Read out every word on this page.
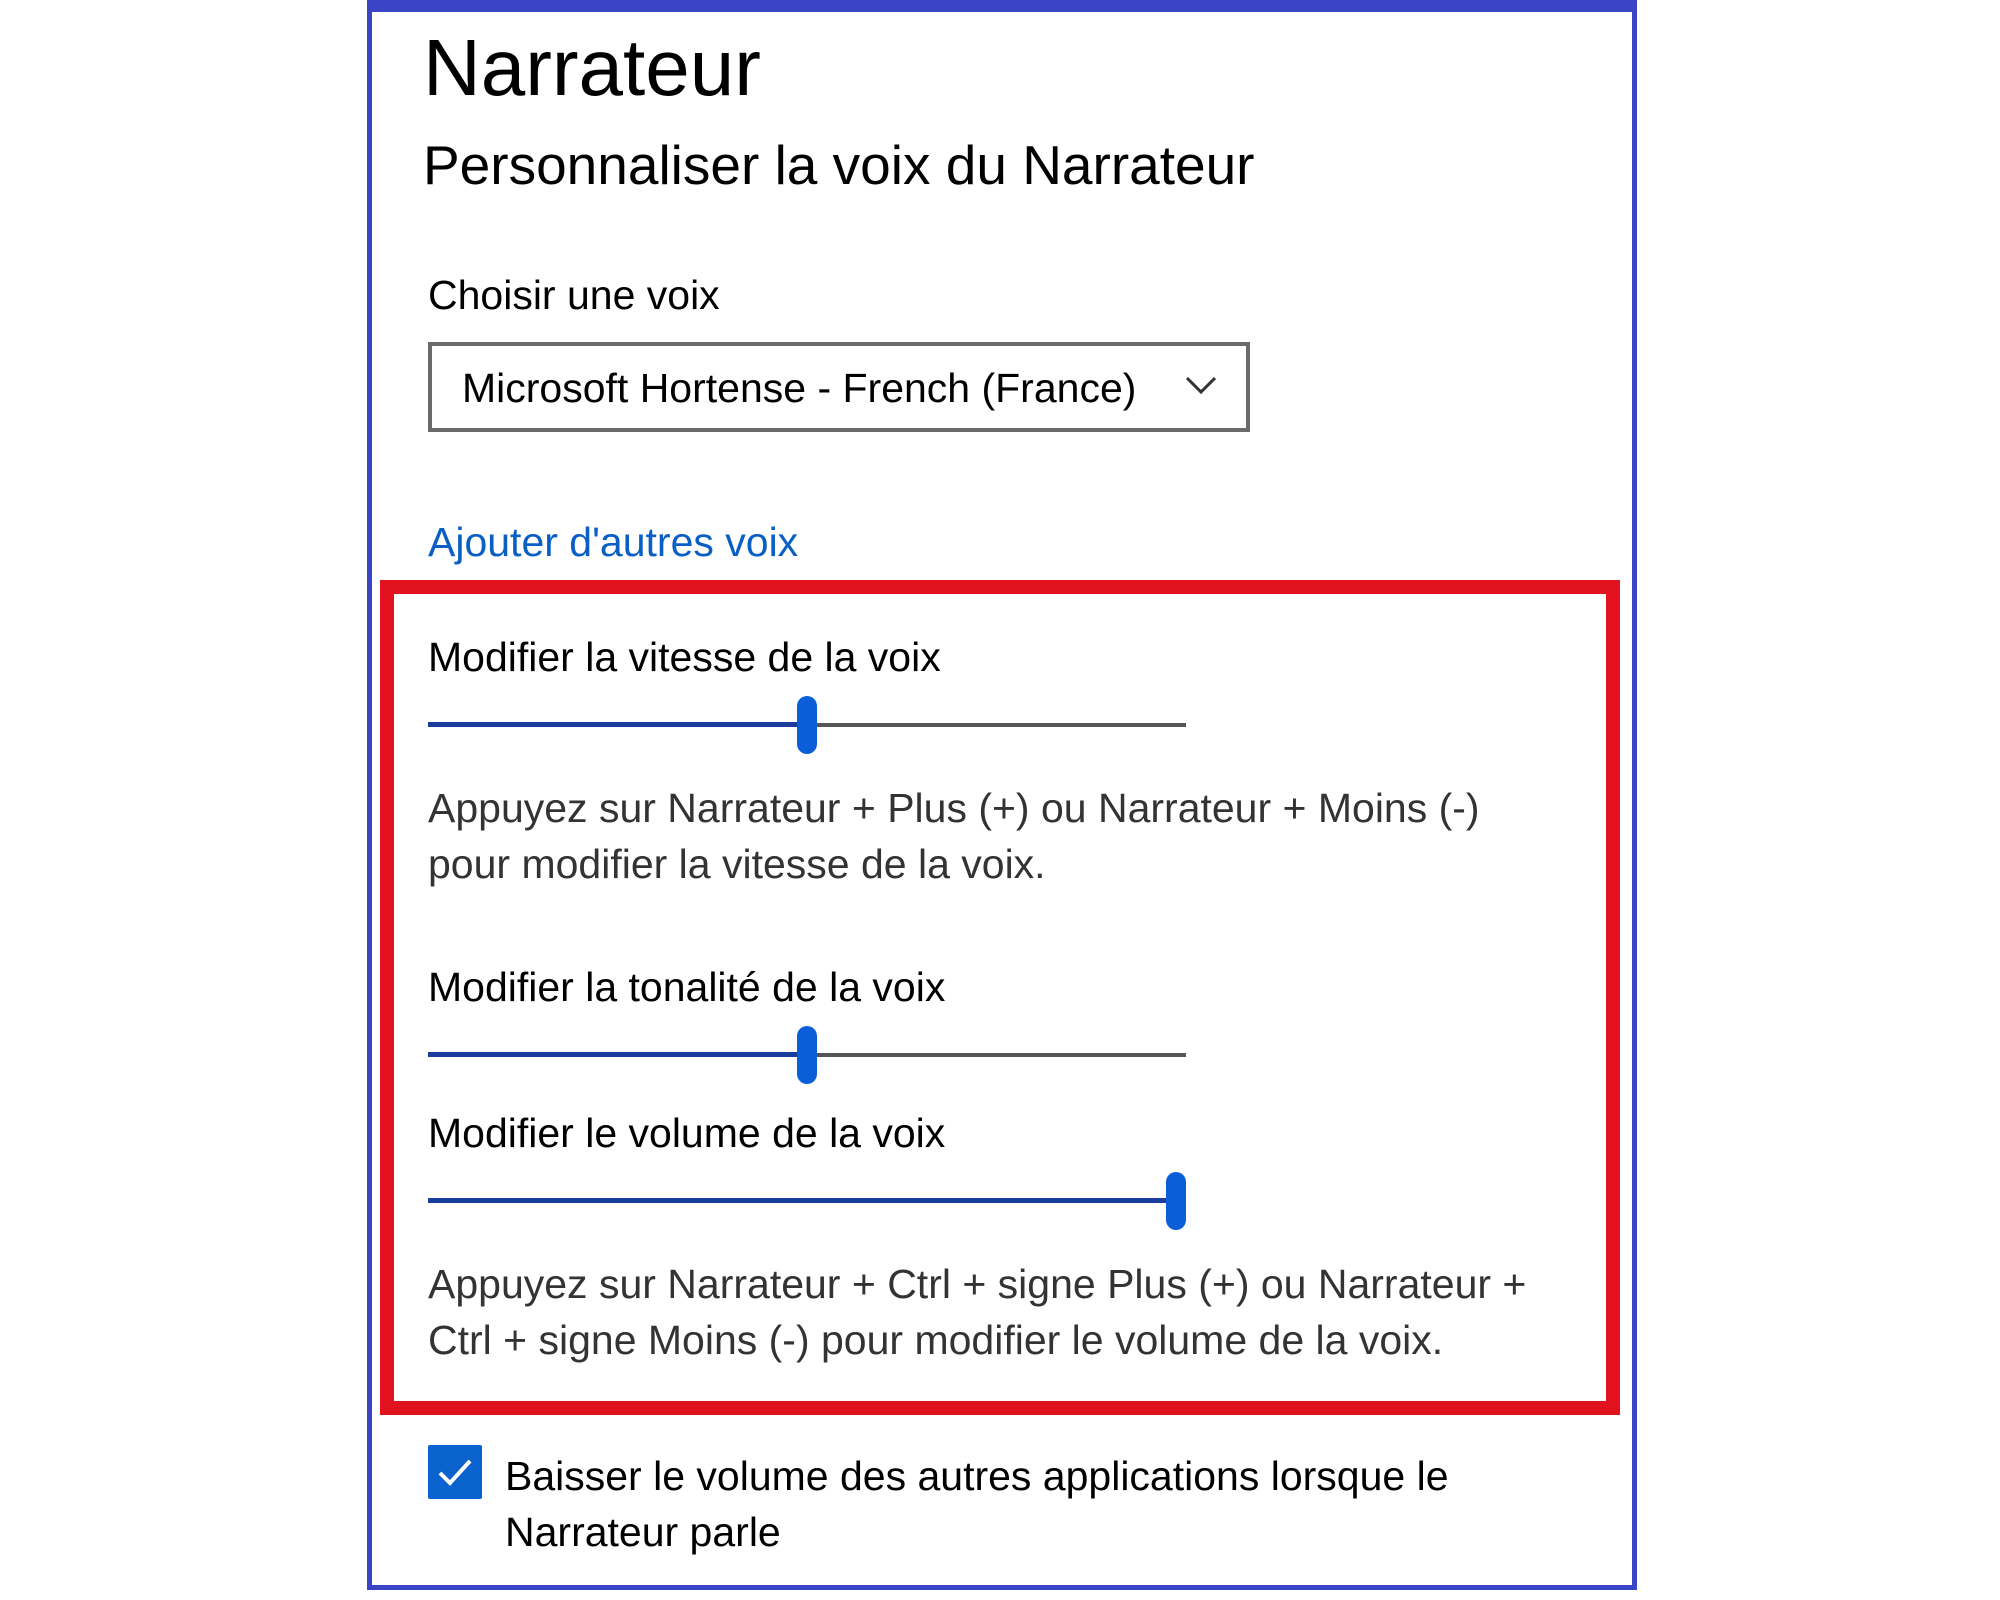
Narrateur
Personnaliser la voix du Narrateur
Choisir une voix
Microsoft Hortense - French (France)
Ajouter d'autres voix
Modifier la vitesse de la voix
Appuyez sur Narrateur + Plus (+) ou Narrateur + Moins (-)
pour modifier la vitesse de la voix.
Modifier la tonalité de la voix
Modifier le volume de la voix
Appuyez sur Narrateur + Ctrl + signe Plus (+) ou Narrateur +
Ctrl + signe Moins (-) pour modifier le volume de la voix.
Baisser le volume des autres applications lorsque le
Narrateur parle
